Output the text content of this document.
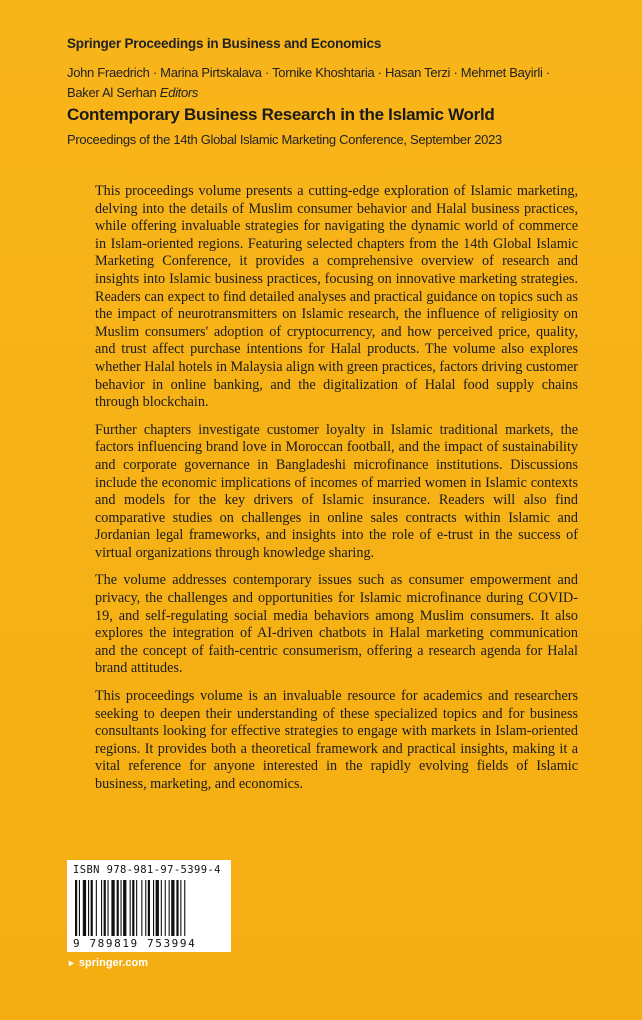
Springer Proceedings in Business and Economics
John Fraedrich · Marina Pirtskalava · Tornike Khoshtaria · Hasan Terzi · Mehmet Bayirli ·
Baker Al Serhan Editors
Contemporary Business Research in the Islamic World
Proceedings of the 14th Global Islamic Marketing Conference, September 2023

This proceedings volume presents a cutting-edge exploration of Islamic marketing, delving into the details of Muslim consumer behavior and Halal business practices, while offering invaluable strategies for navigating the dynamic world of commerce in Islam-oriented regions. Featuring selected chapters from the 14th Global Islamic Marketing Conference, it provides a comprehensive overview of research and insights into Islamic business practices, focusing on innovative marketing strategies. Readers can expect to find detailed analyses and practical guidance on topics such as the impact of neurotransmitters on Islamic research, the influence of religiosity on Muslim consumers' adoption of cryptocurrency, and how perceived price, quality, and trust affect purchase intentions for Halal products. The volume also explores whether Halal hotels in Malaysia align with green practices, factors driving customer behavior in online banking, and the digitalization of Halal food supply chains through blockchain.

Further chapters investigate customer loyalty in Islamic traditional markets, the factors influencing brand love in Moroccan football, and the impact of sustainability and corporate governance in Bangladeshi microfinance institutions. Discussions include the economic implications of incomes of married women in Islamic contexts and models for the key drivers of Islamic insurance. Readers will also find comparative studies on challenges in online sales contracts within Islamic and Jordanian legal frameworks, and insights into the role of e-trust in the success of virtual organizations through knowledge sharing.

The volume addresses contemporary issues such as consumer empowerment and privacy, the challenges and opportunities for Islamic microfinance during COVID-19, and self-regulating social media behaviors among Muslim consumers. It also explores the integration of AI-driven chatbots in Halal marketing communication and the concept of faith-centric consumerism, offering a research agenda for Halal brand attitudes.

This proceedings volume is an invaluable resource for academics and researchers seeking to deepen their understanding of these specialized topics and for business consultants looking for effective strategies to engage with markets in Islam-oriented regions. It provides both a theoretical framework and practical insights, making it a vital reference for anyone interested in the rapidly evolving fields of Islamic business, marketing, and economics.

ISBN 978-981-97-5399-4
9 789819 753994
► springer.com
